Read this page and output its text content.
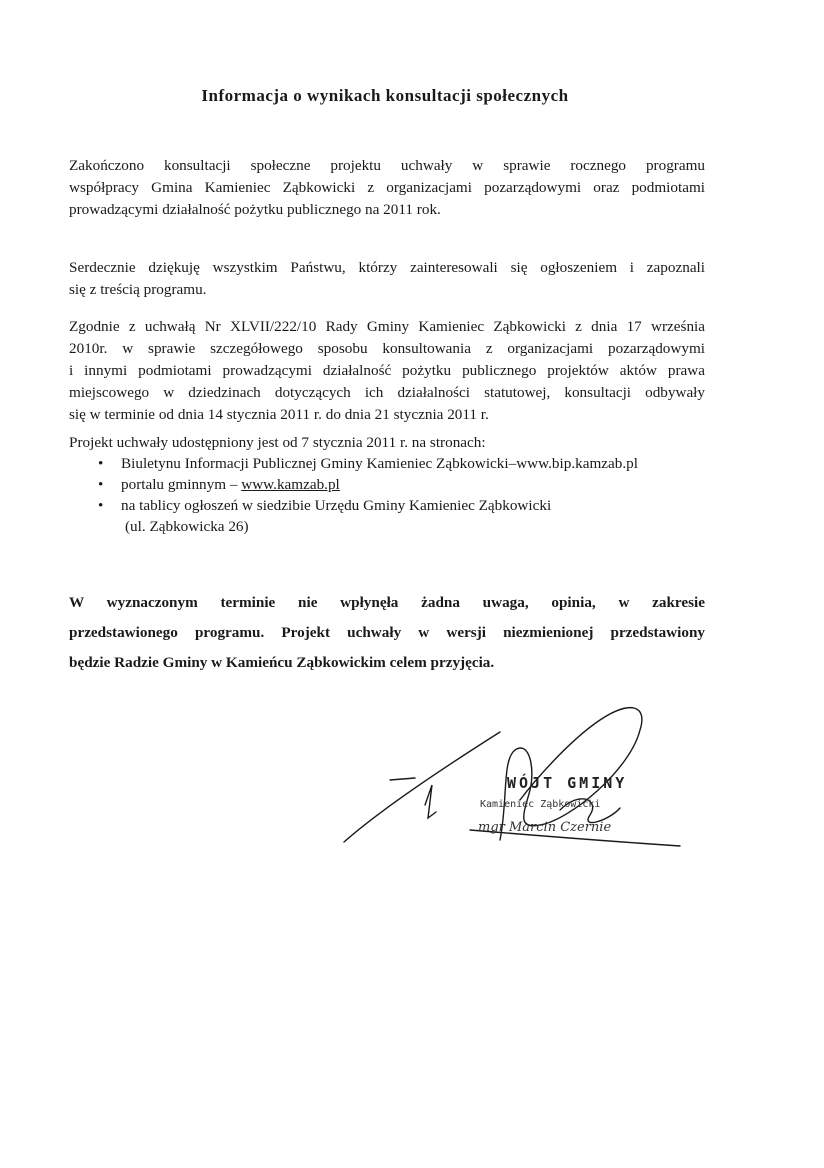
Informacja o wynikach konsultacji społecznych
Zakończono konsultacji społeczne projektu uchwały w sprawie rocznego programu
współpracy Gmina Kamieniec Ząbkowicki z organizacjami pozarządowymi oraz podmiotami
prowadzącymi działalność pożytku publicznego na 2011 rok.
Serdecznie dziękuję wszystkim Państwu, którzy zainteresowali się ogłoszeniem i zapoznali
się z treścią programu.
Zgodnie z uchwałą Nr XLVII/222/10 Rady Gminy Kamieniec Ząbkowicki z dnia 17 września
2010r. w sprawie szczegółowego sposobu konsultowania z organizacjami pozarządowymi
i innymi podmiotami prowadzącymi działalność pożytku publicznego projektów aktów prawa
miejscowego w dziedzinach dotyczących ich działalności statutowej, konsultacji odbywały
się w terminie od dnia 14 stycznia 2011 r. do dnia 21 stycznia 2011 r.
Projekt uchwały udostępniony jest od 7 stycznia 2011 r. na stronach:
• Biuletynu Informacji Publicznej Gminy Kamieniec Ząbkowicki–www.bip.kamzab.pl
• portalu gminnym – www.kamzab.pl
• na tablicy ogłoszeń w siedzibie Urzędu Gminy Kamieniec Ząbkowicki
(ul. Ząbkowicka 26)
W wyznaczonym terminie nie wpłynęła żadna uwaga, opinia, w zakresie
przedstawionego programu. Projekt uchwały w wersji niezmienionej przedstawiony
będzie Radzie Gminy w Kamieńcu Ząbkowickim celem przyjęcia.
WÓJT GMINY
Kamieniec Ząbkowicki
mgr Marcin Czernie
